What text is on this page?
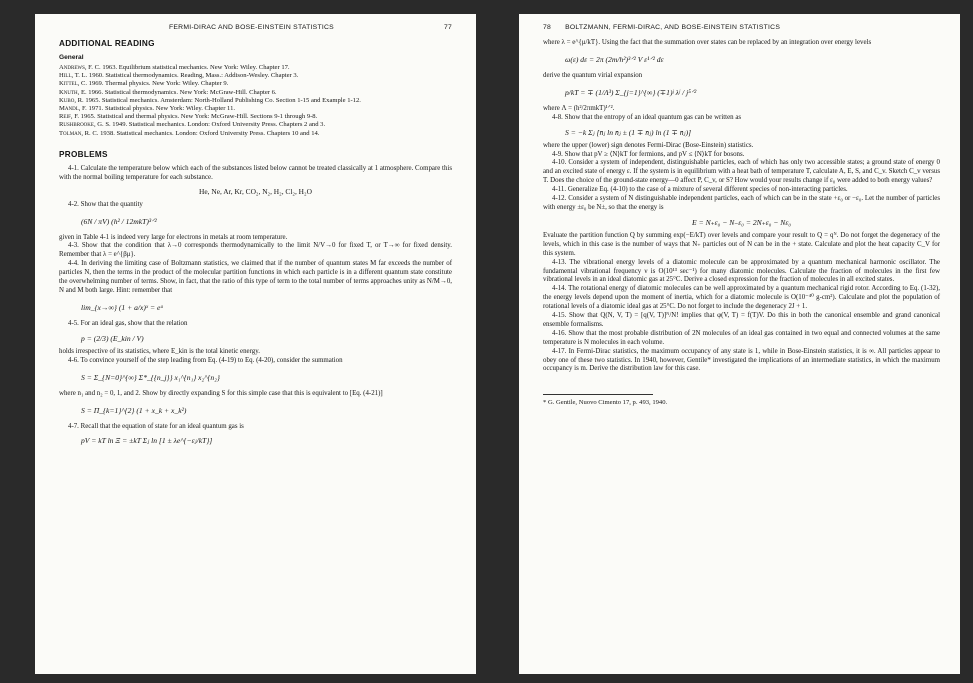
FERMI-DIRAC AND BOSE-EINSTEIN STATISTICS	77
ADDITIONAL READING
General
Andrews, F. C. 1963. Equilibrium statistical mechanics. New York: Wiley. Chapter 17.
Hill, T. L. 1960. Statistical thermodynamics. Reading, Mass.: Addison-Wesley. Chapter 3.
Kittel, C. 1969. Thermal physics. New York: Wiley. Chapter 9.
Knuth, E. 1966. Statistical thermodynamics. New York: McGraw-Hill. Chapter 6.
Kubo, R. 1965. Statistical mechanics. Amsterdam: North-Holland Publishing Co. Section 1-15 and Example 1-12.
Mandl, F. 1971. Statistical physics. New York: Wiley. Chapter 11.
Reif, F. 1965. Statistical and thermal physics. New York: McGraw-Hill. Sections 9-1 through 9-8.
Rushbrooke, G. S. 1949. Statistical mechanics. London: Oxford University Press. Chapters 2 and 3.
Tolman, R. C. 1938. Statistical mechanics. London: Oxford University Press. Chapters 10 and 14.
PROBLEMS

4-1. Calculate the temperature below which each of the substances listed below cannot be treated classically at 1 atmosphere. Compare this with the normal boiling temperature for each substance.

He, Ne, Ar, Kr, CO₂, N₂, H₂, Cl₂, H₂O

4-2. Show that the quantity

(6N / πV) (h² / 12mkT)³ᐟ²

given in Table 4-1 is indeed very large for electrons in metals at room temperature.

4-3. Show that the condition that λ→0 corresponds thermodynamically to the limit N/V→0 for fixed T, or T→∞ for fixed density. Remember that λ = e^{βμ}.

4-4. In deriving the limiting case of Boltzmann statistics, we claimed that if the number of quantum states M far exceeds the number of particles N, then the terms in the product of the molecular partition functions in which each particle is in a different quantum state constitute the overwhelming number of terms. Show, in fact, that the ratio of this type of term to the total number of terms approaches unity as N/M→0, N and M both large. Hint: remember that

lim_{x→∞} (1 + a/x)ˣ = eᵃ

4-5. For an ideal gas, show that the relation

p = (2/3) (E_kin / V)

holds irrespective of its statistics, where E_kin is the total kinetic energy.

4-6. To convince yourself of the step leading from Eq. (4-19) to Eq. (4-20), consider the summation

S = Σ_{N=0}^{∞} Σ*_{{n_j}} x₁^{n₁} x₂^{n₂}

where n₁ and n₂ = 0, 1, and 2. Show by directly expanding S for this simple case that this is equivalent to [Eq. (4-21)]

S = Π_{k=1}^{2} (1 + x_k + x_k²)

4-7. Recall that the equation of state for an ideal quantum gas is

pV = kT ln Ξ = ±kT Σⱼ ln [1 ± λe^{−εⱼ/kT}]
78 BOLTZMANN, FERMI-DIRAC, AND BOSE-EINSTEIN STATISTICS

where λ = e^{μ/kT}. Using the fact that the summation over states can be replaced by an integration over energy levels

ω(ε) dε = 2π (2m/h²)³ᐟ² V ε¹ᐟ² dε

derive the quantum virial expansion

p/kT = ∓ (1/Λ³) Σ_{j=1}^{∞} (∓1)ʲ λʲ / j⁵ᐟ²

where Λ = (h²/2πmkT)¹ᐟ².

4-8. Show that the entropy of an ideal quantum gas can be written as

S = −k Σⱼ [n̄ⱼ ln n̄ⱼ ± (1 ∓ n̄ⱼ) ln (1 ∓ n̄ⱼ)]

where the upper (lower) sign denotes Fermi-Dirac (Bose-Einstein) statistics.

4-9. Show that pV ≥ ⟨N⟩kT for fermions, and pV ≤ ⟨N⟩kT for bosons.

4-10. Consider a system of independent, distinguishable particles, each of which has only two accessible states; a ground state of energy 0 and an excited state of energy ε. If the system is in equilibrium with a heat bath of temperature T, calculate A, E, S, and C_v. Sketch C_v versus T. Does the choice of the ground-state energy—0 affect P, C_v, or S? How would your results change if ε₀ were added to both energy values?

4-11. Generalize Eq. (4-10) to the case of a mixture of several different species of non-interacting particles.

4-12. Consider a system of N distinguishable independent particles, each of which can be in the state +ε₀ or −ε₀. Let the number of particles with energy ±ε₀ be N±, so that the energy is

E = N₊ε₀ − N₋ε₀ = 2N₊ε₀ − Nε₀

Evaluate the partition function Q by summing exp(−E/kT) over levels and compare your result to Q = qᴺ. Do not forget the degeneracy of the levels, which in this case is the number of ways that N₊ particles out of N can be in the + state. Calculate and plot the heat capacity C_V for this system.

4-13. The vibrational energy levels of a diatomic molecule can be approximated by a quantum mechanical harmonic oscillator. The fundamental vibrational frequency ν is O(10¹³ sec⁻¹) for many diatomic molecules. Calculate the fraction of molecules in the first few vibrational levels in an ideal diatomic gas at 25°C. Derive a closed expression for the fraction of molecules in all excited states.

4-14. The rotational energy of diatomic molecules can be well approximated by a quantum mechanical rigid rotor. According to Eq. (1-32), the energy levels depend upon the moment of inertia, which for a diatomic molecule is O(10⁻⁴⁰ g-cm²). Calculate and plot the population of rotational levels of a diatomic ideal gas at 25°C. Do not forget to include the degeneracy 2J + 1.

4-15. Show that Q(N, V, T) = [q(V, T)]ᴺ/N! implies that φ(V, T) = f(T)V. Do this in both the canonical ensemble and grand canonical ensemble formalisms.

4-16. Show that the most probable distribution of 2N molecules of an ideal gas contained in two equal and connected volumes at the same temperature is N molecules in each volume.

4-17. In Fermi-Dirac statistics, the maximum occupancy of any state is 1, while in Bose-Einstein statistics, it is ∞. All particles appear to obey one of these two statistics. In 1940, however, Gentile* investigated the implications of an intermediate statistics, in which the maximum occupancy is m. Derive the distribution law for this case.

* G. Gentile, Nuovo Cimento 17, p. 493, 1940.
